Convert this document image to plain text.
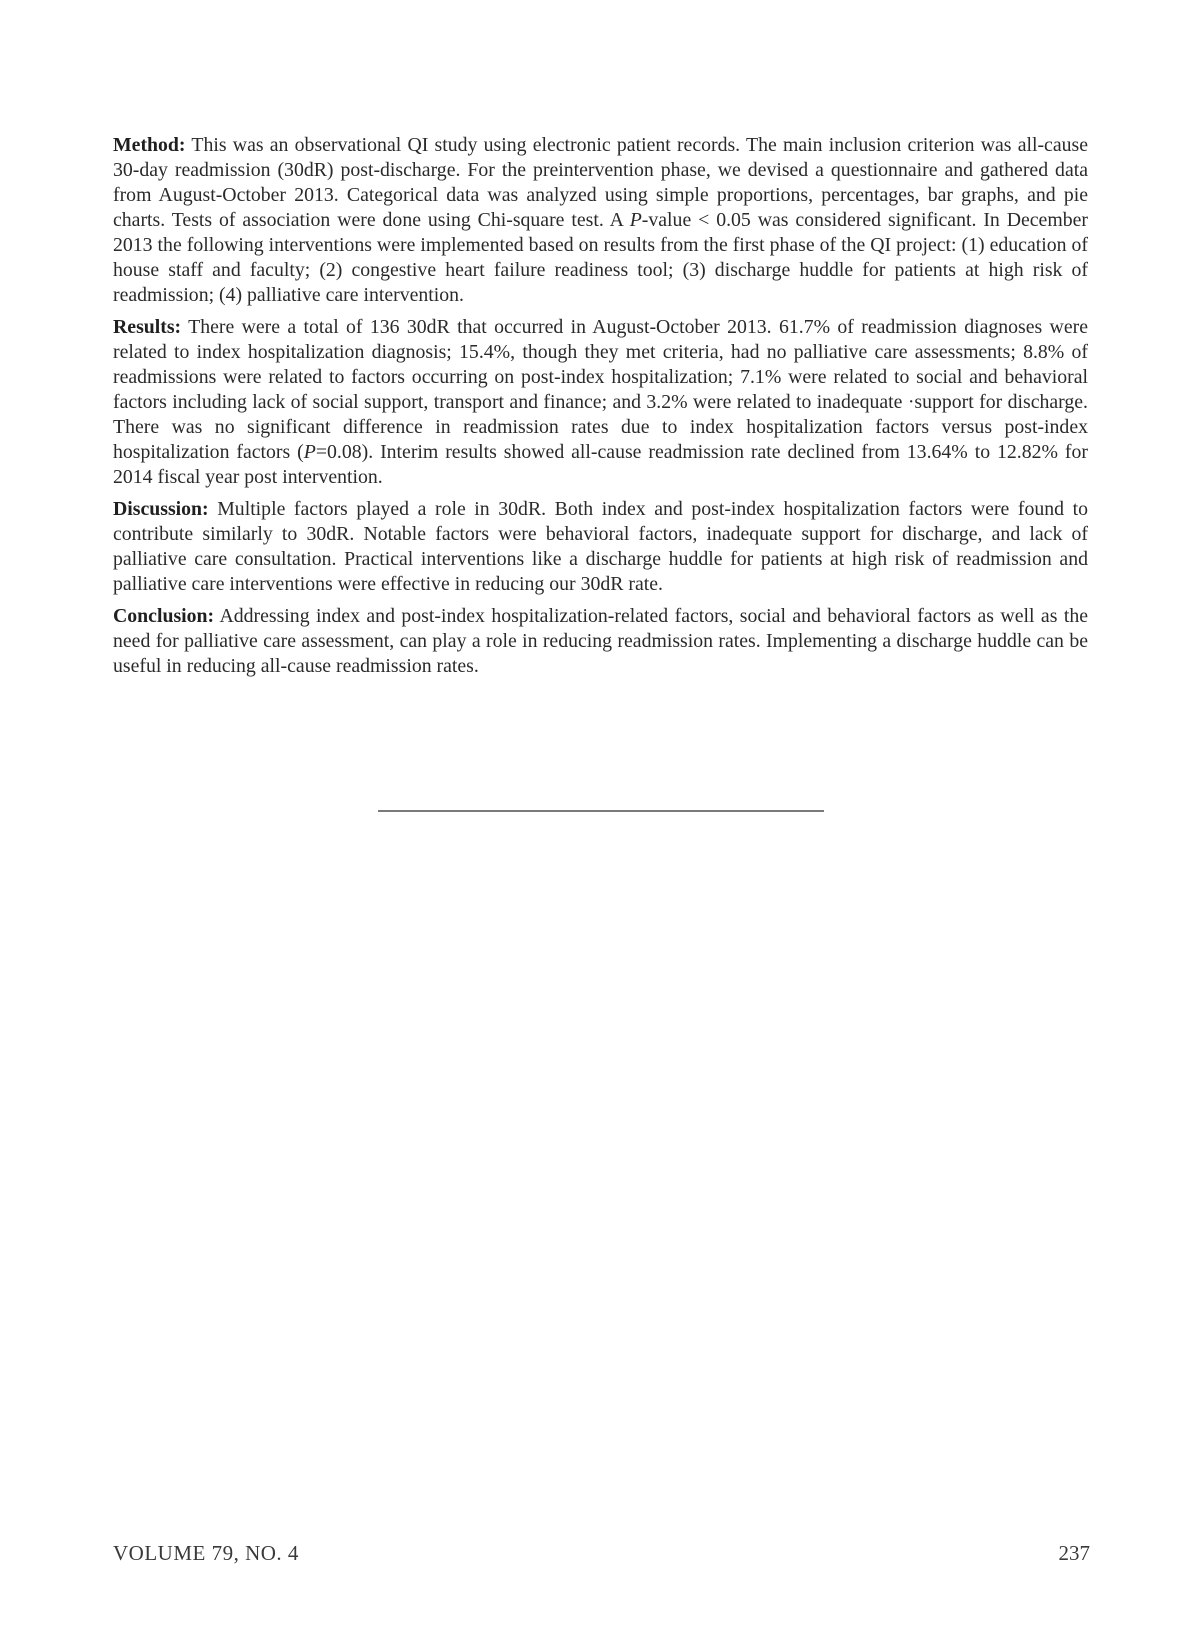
Method: This was an observational QI study using electronic patient records. The main inclusion criterion was all-cause 30-day readmission (30dR) post-discharge. For the preintervention phase, we devised a questionnaire and gathered data from August-October 2013. Categorical data was analyzed using simple proportions, percentages, bar graphs, and pie charts. Tests of association were done using Chi-square test. A P-value < 0.05 was considered significant. In December 2013 the following interventions were implemented based on results from the first phase of the QI project: (1) education of house staff and faculty; (2) congestive heart failure readiness tool; (3) discharge huddle for patients at high risk of readmission; (4) palliative care intervention.

Results: There were a total of 136 30dR that occurred in August-October 2013. 61.7% of readmission diagnoses were related to index hospitalization diagnosis; 15.4%, though they met criteria, had no palliative care assessments; 8.8% of readmissions were related to factors occurring on post-index hospitalization; 7.1% were related to social and behavioral factors including lack of social support, transport and finance; and 3.2% were related to inadequate ·support for discharge. There was no significant difference in readmission rates due to index hospitalization factors versus post-index hospitalization factors (P=0.08). Interim results showed all-cause readmission rate declined from 13.64% to 12.82% for 2014 fiscal year post intervention.

Discussion: Multiple factors played a role in 30dR. Both index and post-index hospitalization factors were found to contribute similarly to 30dR. Notable factors were behavioral factors, inadequate support for discharge, and lack of palliative care consultation. Practical interventions like a discharge huddle for patients at high risk of readmission and palliative care interventions were effective in reducing our 30dR rate.

Conclusion: Addressing index and post-index hospitalization-related factors, social and behavioral factors as well as the need for palliative care assessment, can play a role in reducing readmission rates. Implementing a discharge huddle can be useful in reducing all-cause readmission rates.

VOLUME 79, NO. 4	237
